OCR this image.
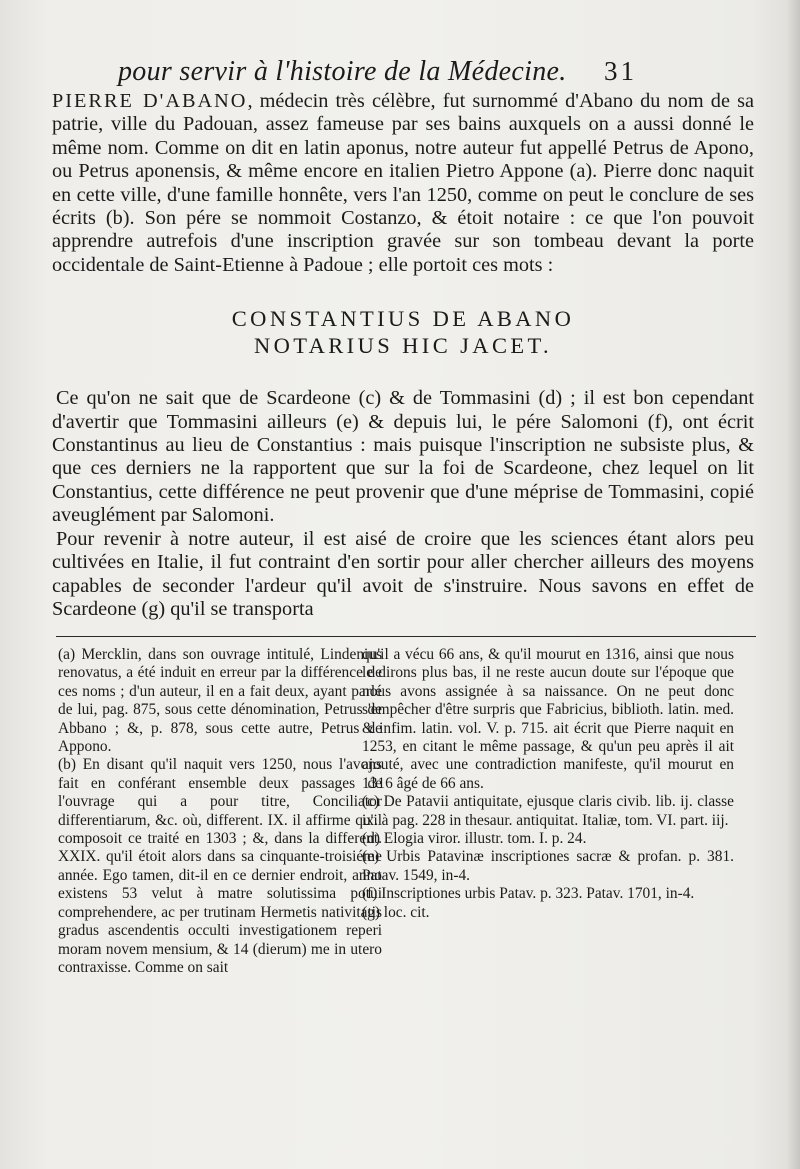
pour servir à l'histoire de la Médecine.	31

PIERRE D'ABANO, médecin très célèbre, fut surnommé d'Abano du nom de sa patrie, ville du Padouan, assez fameuse par ses bains auxquels on a aussi donné le même nom. Comme on dit en latin aponus, notre auteur fut appellé Petrus de Apono, ou Petrus aponensis, & même encore en italien Pietro Appone (a). Pierre donc naquit en cette ville, d'une famille honnête, vers l'an 1250, comme on peut le conclure de ses écrits (b). Son pére se nommoit Costanzo, & étoit notaire : ce que l'on pouvoit apprendre autrefois d'une inscription gravée sur son tombeau devant la porte occidentale de Saint-Etienne à Padoue ; elle portoit ces mots :

CONSTANTIUS DE ABANO
NOTARIUS HIC JACET.

Ce qu'on ne sait que de Scardeone (c) & de Tommasini (d) ; il est bon cependant d'avertir que Tommasini ailleurs (e) & depuis lui, le pére Salomoni (f), ont écrit Constantinus au lieu de Constantius : mais puisque l'inscription ne subsiste plus, & que ces derniers ne la rapportent que sur la foi de Scardeone, chez lequel on lit Constantius, cette différence ne peut provenir que d'une méprise de Tommasini, copié aveuglément par Salomoni.

Pour revenir à notre auteur, il est aisé de croire que les sciences étant alors peu cultivées en Italie, il fut contraint d'en sortir pour aller chercher ailleurs des moyens capables de seconder l'ardeur qu'il avoit de s'instruire. Nous savons en effet de Scardeone (g) qu'il se transporta

(a) Mercklin, dans son ouvrage intitulé, Lindenius renovatus, a été induit en erreur par la différence de ces noms ; d'un auteur, il en a fait deux, ayant parlé de lui, pag. 875, sous cette dénomination, Petrus de Abbano ; &, p. 878, sous cette autre, Petrus de Appono.

(b) En disant qu'il naquit vers 1250, nous l'avons fait en conférant ensemble deux passages de l'ouvrage qui a pour titre, Conciliator differentiarum, &c. où, different. IX. il affirme qu'il composoit ce traité en 1303 ; &, dans la different. XXIX. qu'il étoit alors dans sa cinquante-troisiéme année. Ego tamen, dit-il en ce dernier endroit, anno existens 53 velut à matre solutissima potui comprehendere, ac per trutinam Hermetis nativitatis gradus ascendentis occulti investigationem reperi moram novem mensium, & 14 (dierum) me in utero contraxisse. Comme on sait

qu'il a vécu 66 ans, & qu'il mourut en 1316, ainsi que nous le dirons plus bas, il ne reste aucun doute sur l'époque que nous avons assignée à sa naissance. On ne peut donc s'empêcher d'être surpris que Fabricius, biblioth. latin. med. & infim. latin. vol. V. p. 715. ait écrit que Pierre naquit en 1253, en citant le même passage, & qu'un peu après il ait ajouté, avec une contradiction manifeste, qu'il mourut en 1316 âgé de 66 ans.

(c) De Patavii antiquitate, ejusque claris civib. lib. ij. classe ix. à pag. 228 in thesaur. antiquitat. Italiæ, tom. VI. part. iij.

(d) Elogia viror. illustr. tom. I. p. 24.

(e) Urbis Patavinæ inscriptiones sacræ & profan. p. 381. Patav. 1549, in-4.

(f) Inscriptiones urbis Patav. p. 323. Patav. 1701, in-4.

(g) loc. cit.
